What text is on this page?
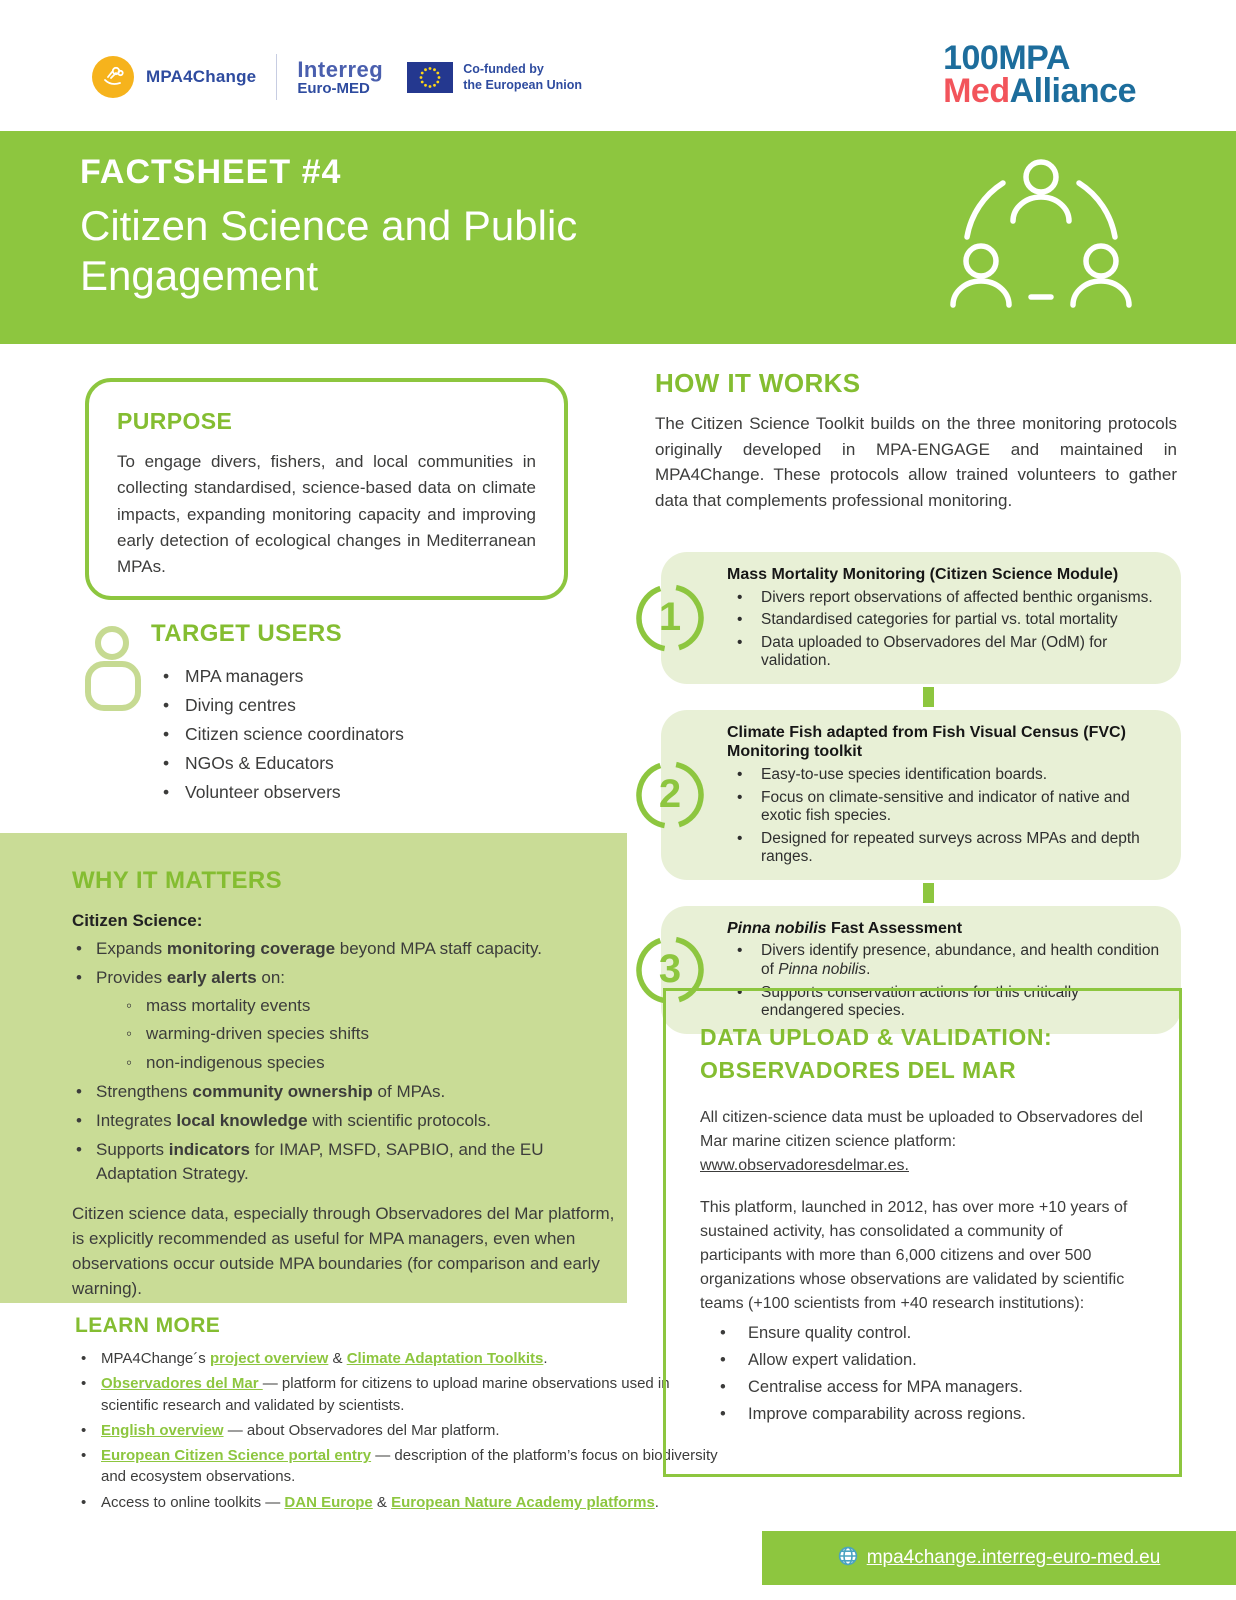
MPA4Change Interreg
Euro-MED
Co-funded by
the European Union
100MPA
MedAlliance
FACTSHEET #4
Citizen Science and Public Engagement
PURPOSE
To engage divers, fishers, and local communities in collecting standardised, science-based data on climate impacts, expanding monitoring capacity and improving early detection of ecological changes in Mediterranean MPAs.
TARGET USERS
• MPA managers
• Diving centres
• Citizen science coordinators
• NGOs & Educators
• Volunteer observers
WHY IT MATTERS
Citizen Science:
• Expands monitoring coverage beyond MPA staff capacity.
• Provides early alerts on:
◦ mass mortality events
◦ warming-driven species shifts
◦ non-indigenous species
• Strengthens community ownership of MPAs.
• Integrates local knowledge with scientific protocols.
• Supports indicators for IMAP, MSFD, SAPBIO, and the EU Adaptation Strategy.
Citizen science data, especially through Observadores del Mar platform, is explicitly recommended as useful for MPA managers, even when observations occur outside MPA boundaries (for comparison and early warning).
LEARN MORE
• MPA4Change´s project overview & Climate Adaptation Toolkits.
• Observadores del Mar — platform for citizens to upload marine observations used in scientific research and validated by scientists.
• English overview — about Observadores del Mar platform.
• European Citizen Science portal entry — description of the platform’s focus on biodiversity and ecosystem observations.
• Access to online toolkits — DAN Europe & European Nature Academy platforms.
HOW IT WORKS
The Citizen Science Toolkit builds on the three monitoring protocols originally developed in MPA-ENGAGE and maintained in MPA4Change. These protocols allow trained volunteers to gather data that complements professional monitoring.
1
Mass Mortality Monitoring (Citizen Science Module)
• Divers report observations of affected benthic organisms.
• Standardised categories for partial vs. total mortality
• Data uploaded to Observadores del Mar (OdM) for validation.
2
Climate Fish adapted from Fish Visual Census (FVC) Monitoring toolkit
• Easy-to-use species identification boards.
• Focus on climate-sensitive and indicator of native and exotic fish species.
• Designed for repeated surveys across MPAs and depth ranges.
3
Pinna nobilis Fast Assessment
• Divers identify presence, abundance, and health condition of Pinna nobilis.
• Supports conservation actions for this critically endangered species.
DATA UPLOAD & VALIDATION:
OBSERVADORES DEL MAR
All citizen-science data must be uploaded to Observadores del Mar marine citizen science platform: www.observadoresdelmar.es.
This platform, launched in 2012, has over more +10 years of sustained activity, has consolidated a community of participants with more than 6,000 citizens and over 500 organizations whose observations are validated by scientific teams (+100 scientists from +40 research institutions):
• Ensure quality control.
• Allow expert validation.
• Centralise access for MPA managers.
• Improve comparability across regions.
mpa4change.interreg-euro-med.eu
